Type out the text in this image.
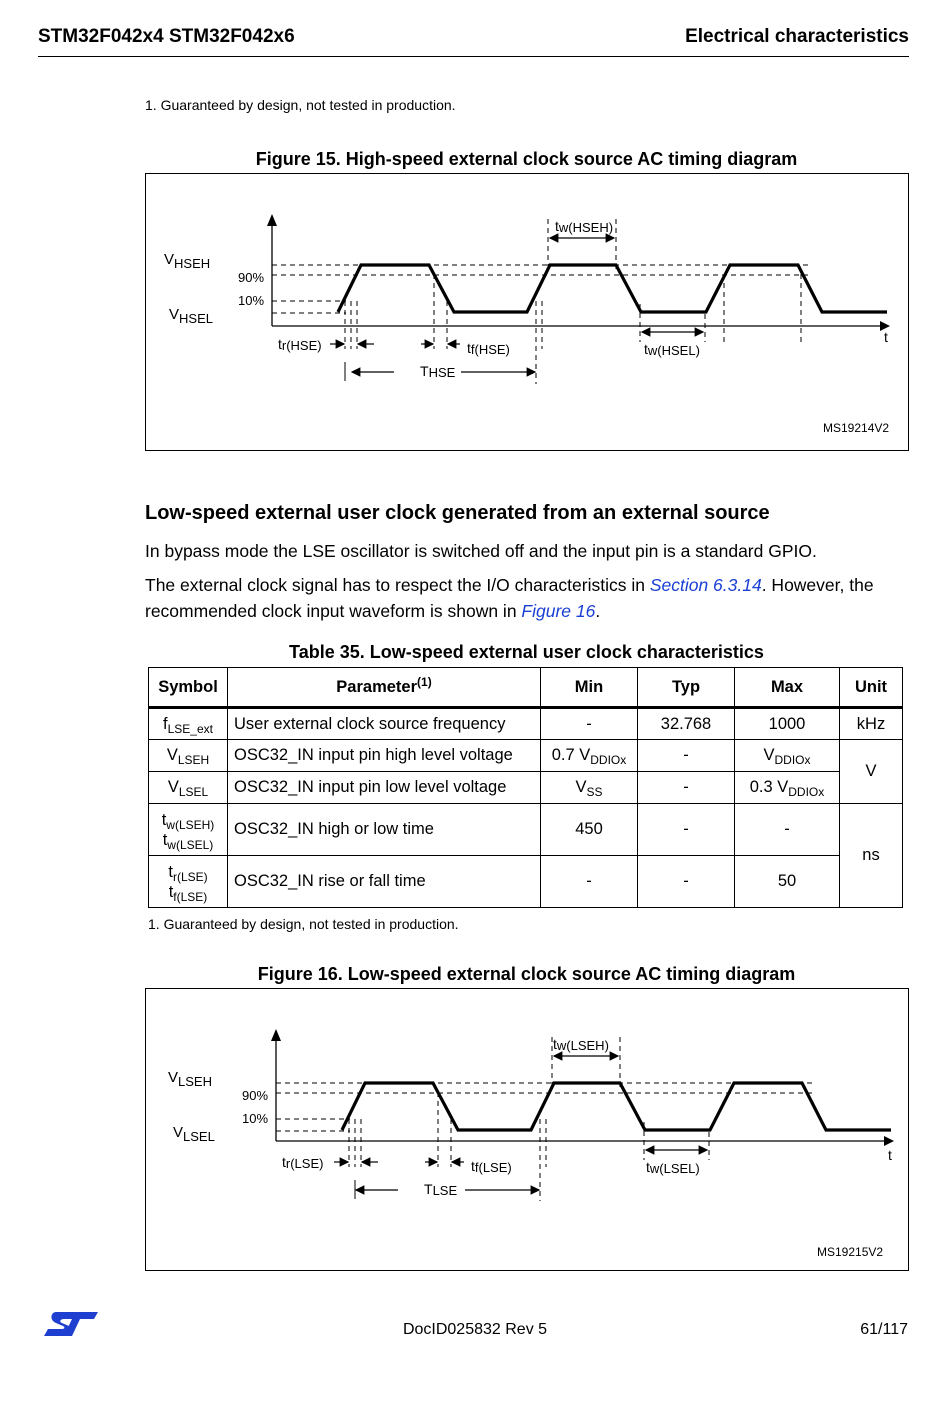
STM32F042x4 STM32F042x6	Electrical characteristics
1. Guaranteed by design, not tested in production.
Figure 15. High-speed external clock source AC timing diagram
VHSEH
VHSEL
90%
10%
tr(HSE)	tf(HSE)
THSE
tw(HSEH)
tw(HSEL)
t
MS19214V2
Low-speed external user clock generated from an external source
In bypass mode the LSE oscillator is switched off and the input pin is a standard GPIO.
The external clock signal has to respect the I/O characteristics in Section 6.3.14. However, the recommended clock input waveform is shown in Figure 16.
Table 35. Low-speed external user clock characteristics
Symbol	Parameter$^{(1)}$	Min	Typ	Max	Unit
$f_{LSE\_ext}$	User external clock source frequency	-	32.768	1000	kHz
$V_{LSEH}$	OSC32_IN input pin high level voltage	0.7 $V_{DDIOx}$	-	$V_{DDIOx}$	V
$V_{LSEL}$	OSC32_IN input pin low level voltage	$V_{SS}$	-	0.3 $V_{DDIOx}$
$t_{w(LSEH)}$
$t_{w(LSEL)}$	OSC32_IN high or low time	450	-	-	ns
$t_{r(LSE)}$
$t_{f(LSE)}$	OSC32_IN rise or fall time	-	-	50	
1. Guaranteed by design, not tested in production.
Figure 16. Low-speed external clock source AC timing diagram
VLSEH
VLSEL
90%
10%
tr(LSE)	tf(LSE)
TLSE
tw(LSEH)
tw(LSEL)
t
MS19215V2
DocID025832 Rev 5	61/117
